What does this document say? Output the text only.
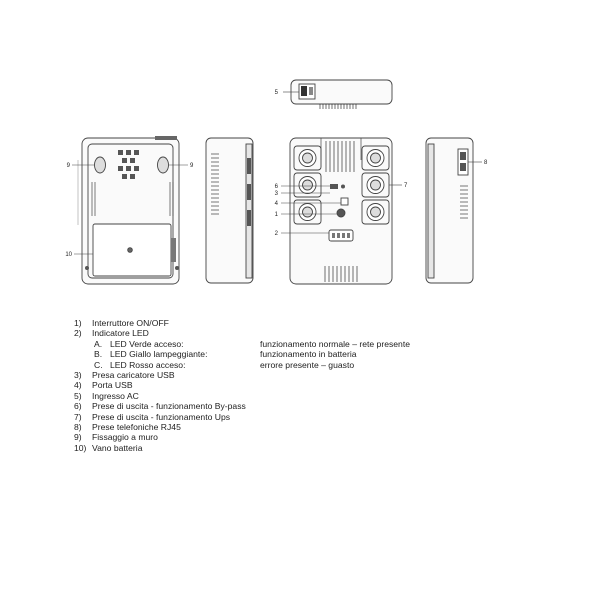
5
9	9
10
6
3
4
1
2
7
8
1)	Interruttore ON/OFF
2)	Indicatore LED
A. LED Verde acceso:	funzionamento normale – rete presente
B. LED Giallo lampeggiante:	funzionamento in batteria
C. LED Rosso acceso:	errore presente – guasto
3)	Presa caricatore USB
4)	Porta USB
5)	Ingresso AC
6)	Prese di uscita - funzionamento By-pass
7)	Prese di uscita - funzionamento Ups
8)	Prese telefoniche RJ45
9)	Fissaggio a muro
10) Vano batteria
